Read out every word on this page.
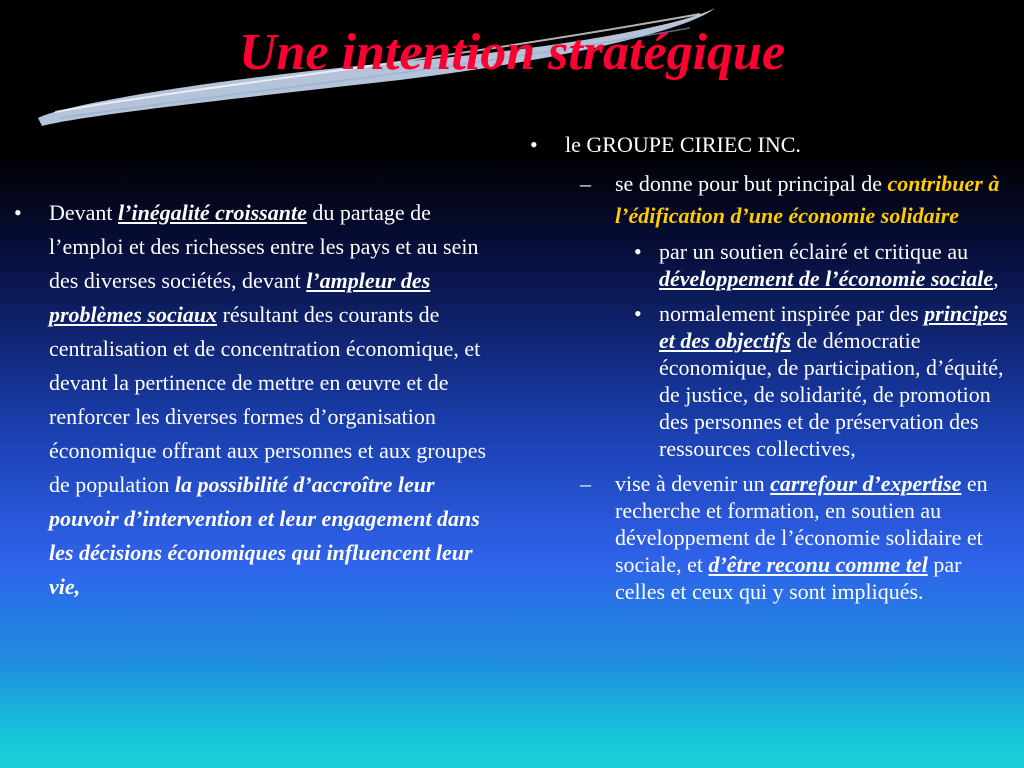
Une intention stratégique
• Devant l’inégalité croissante du partage de l’emploi et des richesses entre les pays et au sein des diverses sociétés, devant l’ampleur des problèmes sociaux résultant des courants de centralisation et de concentration économique, et devant la pertinence de mettre en œuvre et de renforcer les diverses formes d’organisation économique offrant aux personnes et aux groupes de population la possibilité d’accroître leur pouvoir d’intervention et leur engagement dans les décisions économiques qui influencent leur vie,
• le GROUPE CIRIEC INC.
– se donne pour but principal de contribuer à l’édification d’une économie solidaire
• par un soutien éclairé et critique au développement de l’économie sociale,
• normalement inspirée par des principes et des objectifs de démocratie économique, de participation, d’équité, de justice, de solidarité, de promotion des personnes et de préservation des ressources collectives,
– vise à devenir un carrefour d’expertise en recherche et formation, en soutien au développement de l’économie solidaire et sociale, et d’être reconu comme tel par celles et ceux qui y sont impliqués.
